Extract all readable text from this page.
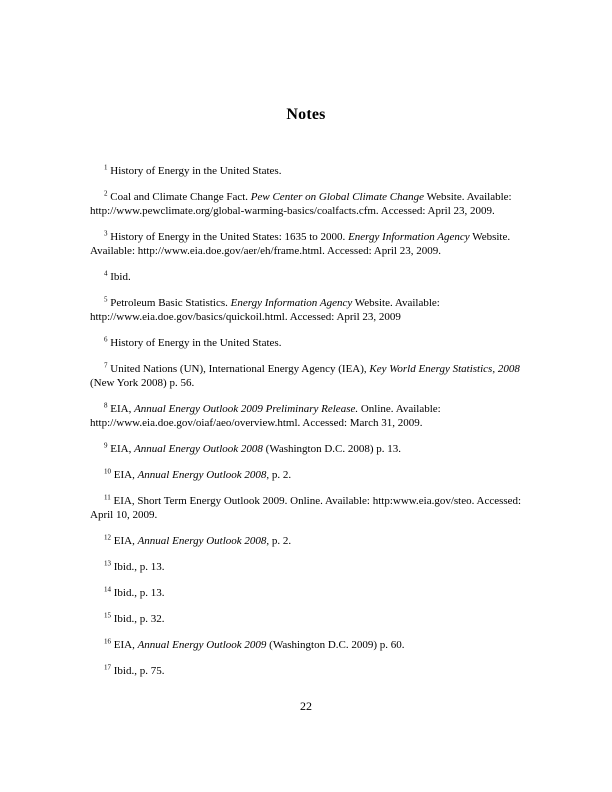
Notes

$^1$ History of Energy in the United States.

$^2$ Coal and Climate Change Fact. Pew Center on Global Climate Change Website. Available: http://www.pewclimate.org/global-warming-basics/coalfacts.cfm. Accessed: April 23, 2009.

$^3$ History of Energy in the United States: 1635 to 2000. Energy Information Agency Website. Available: http://www.eia.doe.gov/aer/eh/frame.html. Accessed: April 23, 2009.

$^4$ Ibid.

$^5$ Petroleum Basic Statistics. Energy Information Agency Website. Available: http://www.eia.doe.gov/basics/quickoil.html. Accessed: April 23, 2009

$^6$ History of Energy in the United States.

$^7$ United Nations (UN), International Energy Agency (IEA), Key World Energy Statistics, 2008 (New York 2008) p. 56.

$^8$ EIA, Annual Energy Outlook 2009 Preliminary Release. Online. Available: http://www.eia.doe.gov/oiaf/aeo/overview.html. Accessed: March 31, 2009.

$^9$ EIA, Annual Energy Outlook 2008 (Washington D.C. 2008) p. 13.

$^{10}$ EIA, Annual Energy Outlook 2008, p. 2.

$^{11}$ EIA, Short Term Energy Outlook 2009. Online. Available: http:www.eia.gov/steo. Accessed: April 10, 2009.

$^{12}$ EIA, Annual Energy Outlook 2008, p. 2.

$^{13}$ Ibid., p. 13.

$^{14}$ Ibid., p. 13.

$^{15}$ Ibid., p. 32.

$^{16}$ EIA, Annual Energy Outlook 2009 (Washington D.C. 2009) p. 60.

$^{17}$ Ibid., p. 75.

22
